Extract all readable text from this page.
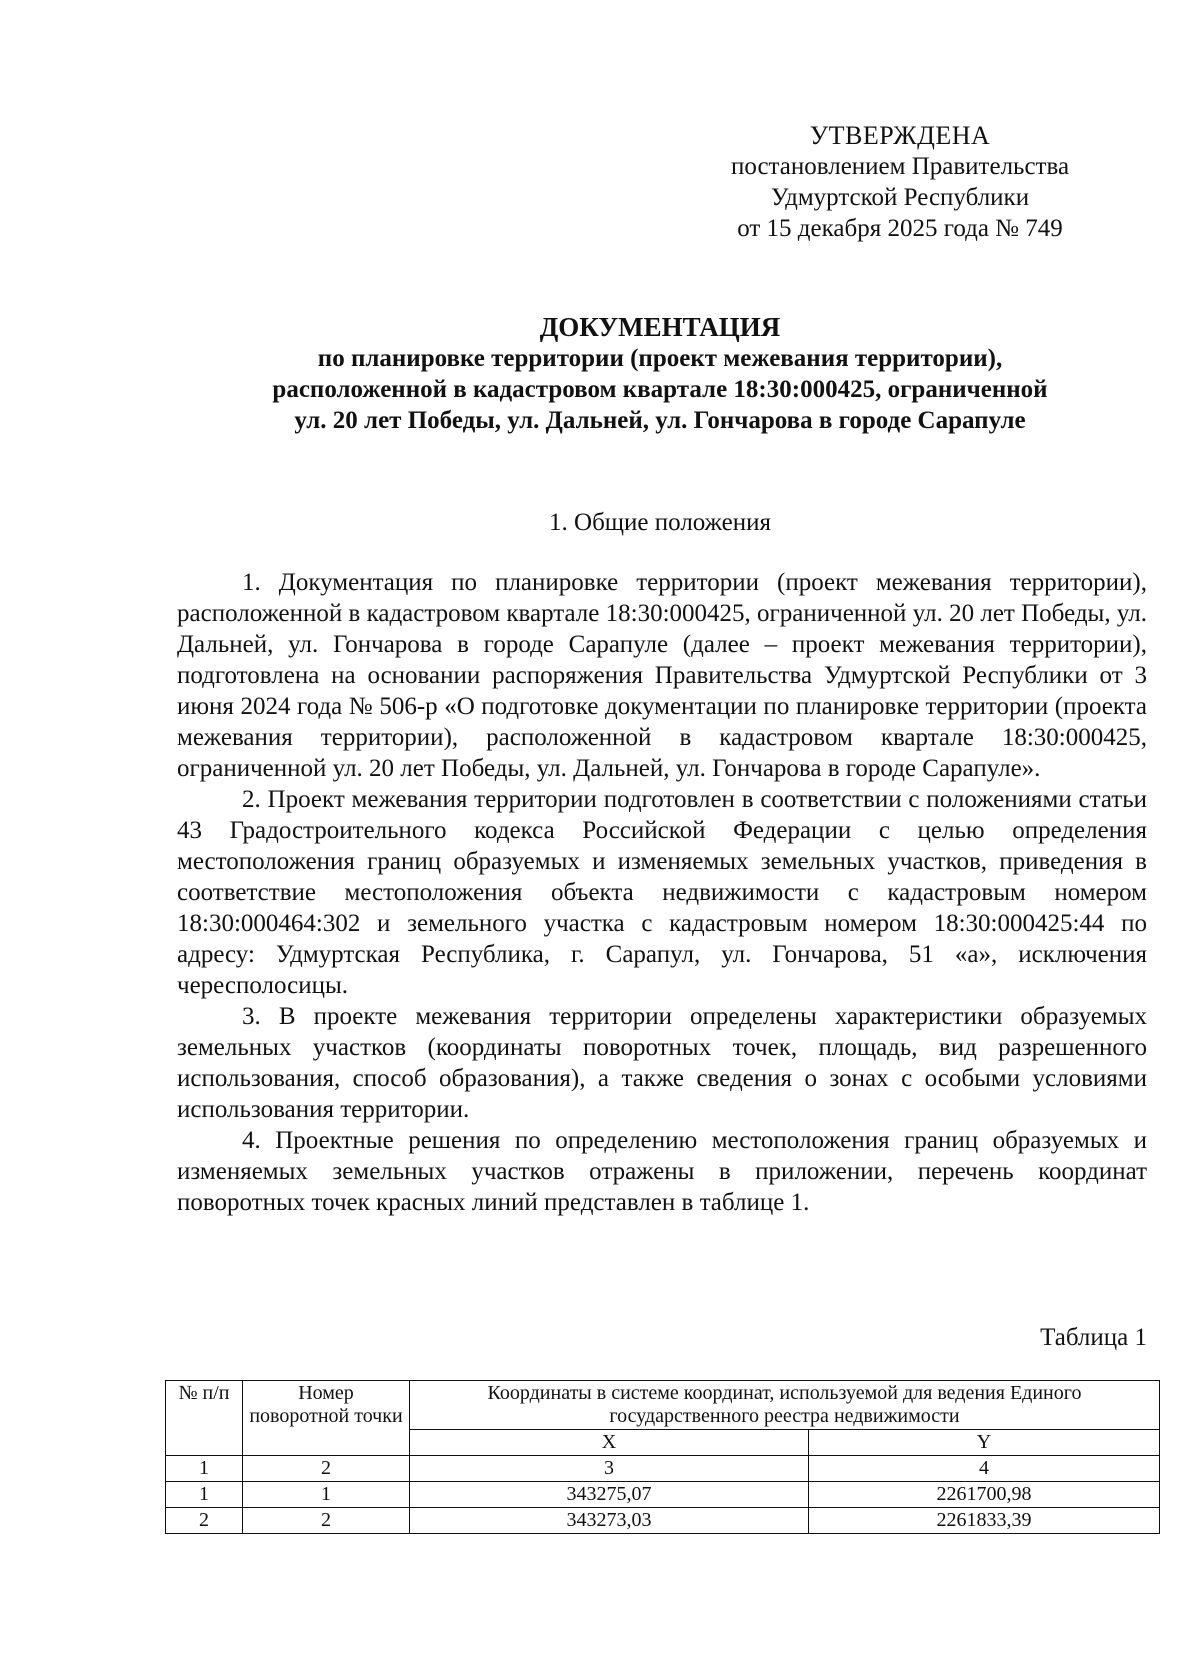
УТВЕРЖДЕНА
постановлением Правительства
Удмуртской Республики
от 15 декабря 2025 года № 749
ДОКУМЕНТАЦИЯ
по планировке территории (проект межевания территории),
расположенной в кадастровом квартале 18:30:000425, ограниченной
ул. 20 лет Победы, ул. Дальней, ул. Гончарова в городе Сарапуле
1. Общие положения

1. Документация по планировке территории (проект межевания территории), расположенной в кадастровом квартале 18:30:000425, ограниченной ул. 20 лет Победы, ул. Дальней, ул. Гончарова в городе Сарапуле (далее – проект межевания территории), подготовлена на основании распоряжения Правительства Удмуртской Республики от 3 июня 2024 года № 506-р «О подготовке документации по планировке территории (проекта межевания территории), расположенной в кадастровом квартале 18:30:000425, ограниченной ул. 20 лет Победы, ул. Дальней, ул. Гончарова в городе Сарапуле».

2. Проект межевания территории подготовлен в соответствии с положениями статьи 43 Градостроительного кодекса Российской Федерации с целью определения местоположения границ образуемых и изменяемых земельных участков, приведения в соответствие местоположения объекта недвижимости с кадастровым номером 18:30:000464:302 и земельного участка с кадастровым номером 18:30:000425:44 по адресу: Удмуртская Республика, г. Сарапул, ул. Гончарова, 51 «а», исключения чересполосицы.

3. В проекте межевания территории определены характеристики образуемых земельных участков (координаты поворотных точек, площадь, вид разрешенного использования, способ образования), а также сведения о зонах с особыми условиями использования территории.

4. Проектные решения по определению местоположения границ образуемых и изменяемых земельных участков отражены в приложении, перечень координат поворотных точек красных линий представлен в таблице 1.

Таблица 1
№ п/п	Номер поворотной точки	Координаты в системе координат, используемой для ведения Единого государственного реестра недвижимости	
		X	Y
1	2	3	4
1	1	343275,07	2261700,98
2	2	343273,03	2261833,39
